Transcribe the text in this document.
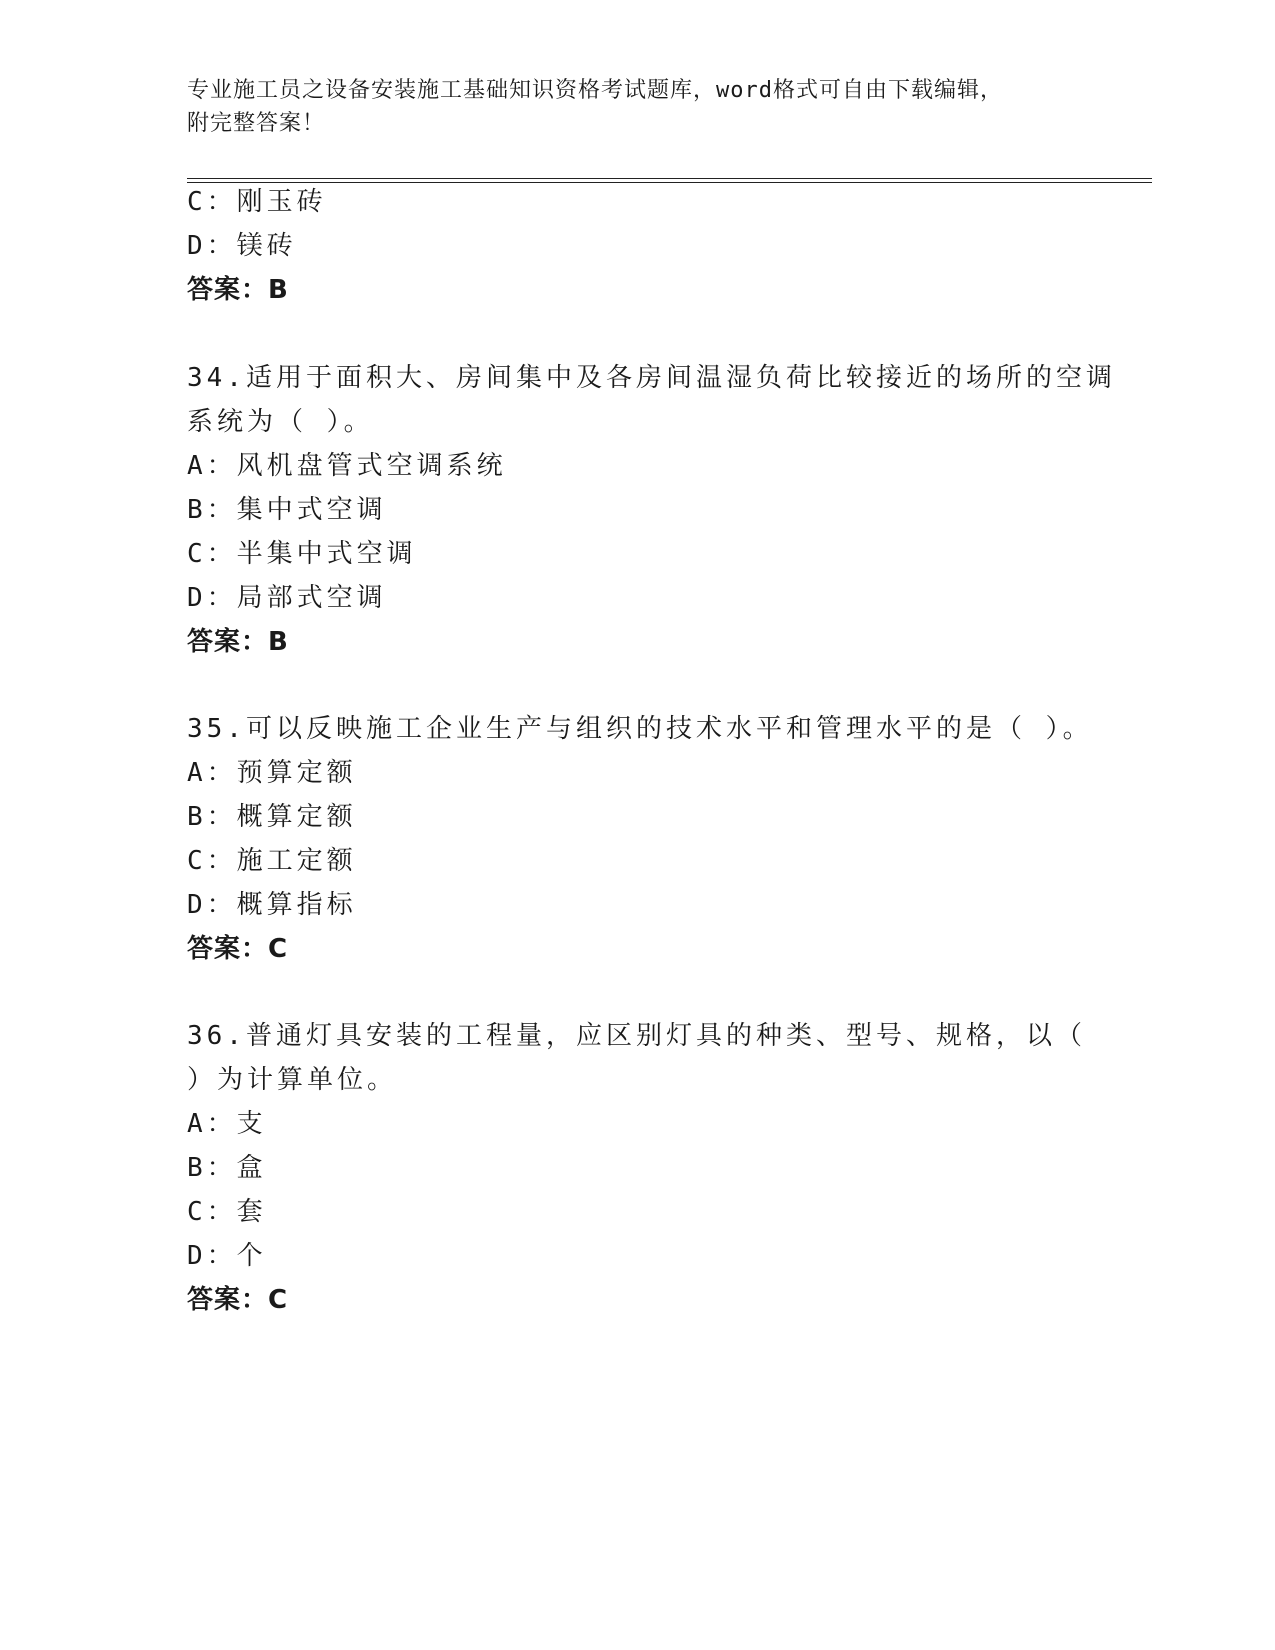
专业施工员之设备安装施工基础知识资格考试题库，word格式可自由下载编辑，
附完整答案！
C：刚玉砖
D：镁砖
答案：B
34.适用于面积大、房间集中及各房间温湿负荷比较接近的场所的空调
系统为（ ）。
A：风机盘管式空调系统
B：集中式空调
C：半集中式空调
D：局部式空调
答案：B
35.可以反映施工企业生产与组织的技术水平和管理水平的是（ ）。
A：预算定额
B：概算定额
C：施工定额
D：概算指标
答案：C
36.普通灯具安装的工程量，应区别灯具的种类、型号、规格，以（
）为计算单位。
A：支
B：盒
C：套
D：个
答案：C
